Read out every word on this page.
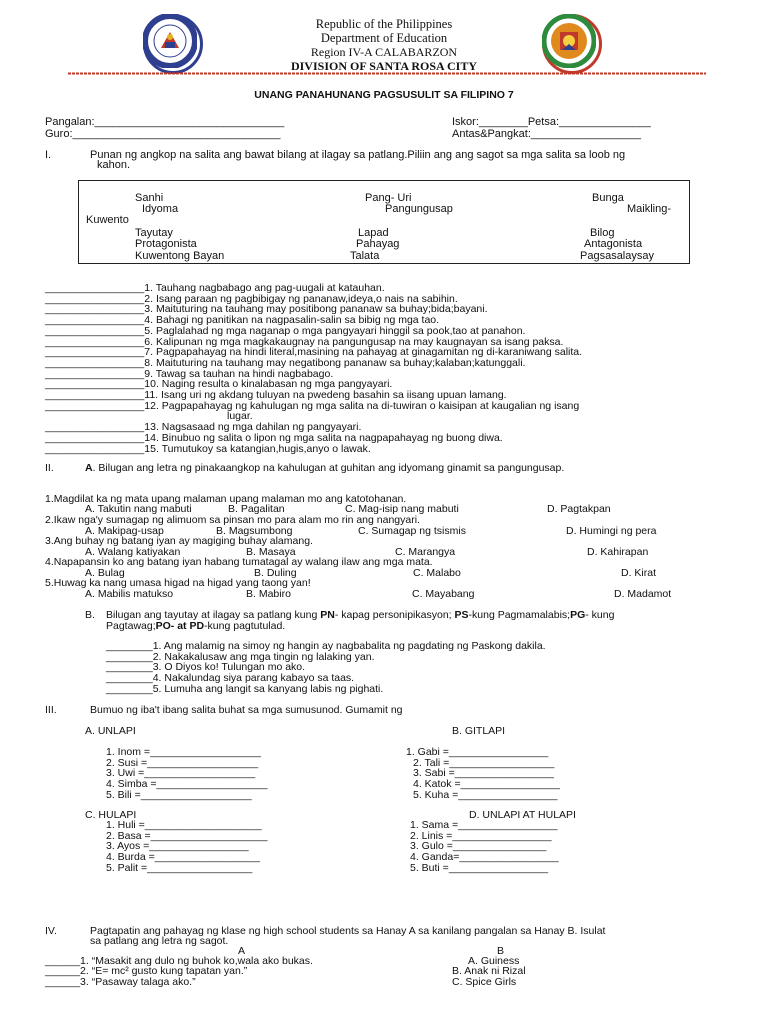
Republic of the Philippines
Department of Education
Region IV-A CALABARZON
DIVISION OF SANTA ROSA CITY
UNANG PANAHUNANG PAGSUSULIT SA FILIPINO 7
Pangalan:_______________________________
Guro:__________________________________
Iskor:________Petsa:_______________
Antas&Pangkat:__________________
I.	Punan ng angkop na salita ang bawat bilang at ilagay sa patlang.Piliin ang ang sagot sa mga salita sa loob ng
kahon.
Sanhi	Pang- Uri	Bunga
Idyoma	Pangungusap	Maikling-
Kuwento
Tayutay	Lapad	Bilog
Protagonista	Pahayag	Antagonista
Kuwentong Bayan	Talata	Pagsasalaysay
_________________1. Tauhang nagbabago ang pag-uugali at katauhan.
_________________2. Isang paraan ng pagbibigay ng pananaw,ideya,o nais na sabihin.
_________________3. Maituturing na tauhang may positibong pananaw sa buhay;bida;bayani.
_________________4. Bahagi ng panitikan na nagpasalin-salin sa bibig ng mga tao.
_________________5. Paglalahad ng mga naganap o mga pangyayari hinggil sa pook,tao at panahon.
_________________6. Kalipunan ng mga magkakaugnay na pangungusap na may kaugnayan sa isang paksa.
_________________7. Pagpapahayag na hindi literal,masining na pahayag at ginagamitan ng di-karaniwang salita.
_________________8. Maituturing na tauhang may negatibong pananaw sa buhay;kalaban;katunggali.
_________________9. Tawag sa tauhan na hindi nagbabago.
_________________10. Naging resulta o kinalabasan ng mga pangyayari.
_________________11. Isang uri ng akdang tuluyan na pwedeng basahin sa iisang upuan lamang.
_________________12. Pagpapahayag ng kahulugan ng mga salita na di-tuwiran o kaisipan at kaugalian ng isang
lugar.
_________________13. Nagsasaad ng mga dahilan ng pangyayari.
_________________14. Binubuo ng salita o lipon ng mga salita na nagpapahayag ng buong diwa.
_________________15. Tumutukoy sa katangian,hugis,anyo o lawak.
II.	A. Bilugan ang letra ng pinakaangkop na kahulugan at guhitan ang idyomang ginamit sa pangungusap.
1.Magdilat ka ng mata upang malaman upang malaman mo ang katotohanan.
A. Takutin nang mabuti	B. Pagalitan	C. Mag-isip nang mabuti	D. Pagtakpan
2.Ikaw nga'y sumagap ng alimuom sa pinsan mo para alam mo rin ang nangyari.
A. Makipag-usap	B. Magsumbong	C. Sumagap ng tsismis	D. Humingi ng pera
3.Ang buhay ng batang iyan ay magiging buhay alamang.
A. Walang katiyakan	B. Masaya	C. Marangya	D. Kahirapan
4.Napapansin ko ang batang iyan habang tumatagal ay walang ilaw ang mga mata.
A. Bulag	B. Duling	C. Malabo	D. Kirat
5.Huwag ka nang umasa higad na higad yang taong yan!
A. Mabilis matukso	B. Mabiro	C. Mayabang	D. Madamot
B. Bilugan ang tayutay at ilagay sa patlang kung PN- kapag personipikasyon; PS-kung Pagmamalabis;PG- kung
Pagtawag;PO- at PD-kung pagtutulad.
________1. Ang malamig na simoy ng hangin ay nagbabalita ng pagdating ng Paskong dakila.
________2. Nakakalusaw ang mga tingin ng lalaking yan.
________3. O Diyos ko! Tulungan mo ako.
________4. Nakalundag siya parang kabayo sa taas.
________5. Lumuha ang langit sa kanyang labis ng pighati.
III.	Bumuo ng iba't ibang salita buhat sa mga sumusunod. Gumamit ng
A. UNLAPI	B. GITLAPI
1. Inom =___________________
2. Susi =___________________
3. Uwi =___________________
4. Simba =___________________
5. Bili =___________________
1. Gabi =_________________
2. Tali =__________________
3. Sabi =_________________
4. Katok =_________________
5. Kuha =_________________
C. HULAPI	D. UNLAPI AT HULAPI
1. Huli =____________________
2. Basa =____________________
3. Ayos =_________________
4. Burda =__________________
5. Palit =__________________
1. Sama =_________________
2. Linis =_________________
3. Gulo =________________
4. Ganda=_________________
5. Buti =_________________
IV.	Pagtapatin ang pahayag ng klase ng high school students sa Hanay A sa kanilang pangalan sa Hanay B. Isulat
sa patlang ang letra ng sagot.
A	B
______1. “Masakit ang dulo ng buhok ko,wala ako bukas.	A. Guiness
______2. “E= mc² gusto kung tapatan yan.”	B. Anak ni Rizal
______3. “Pasaway talaga ako.”	C. Spice Girls
